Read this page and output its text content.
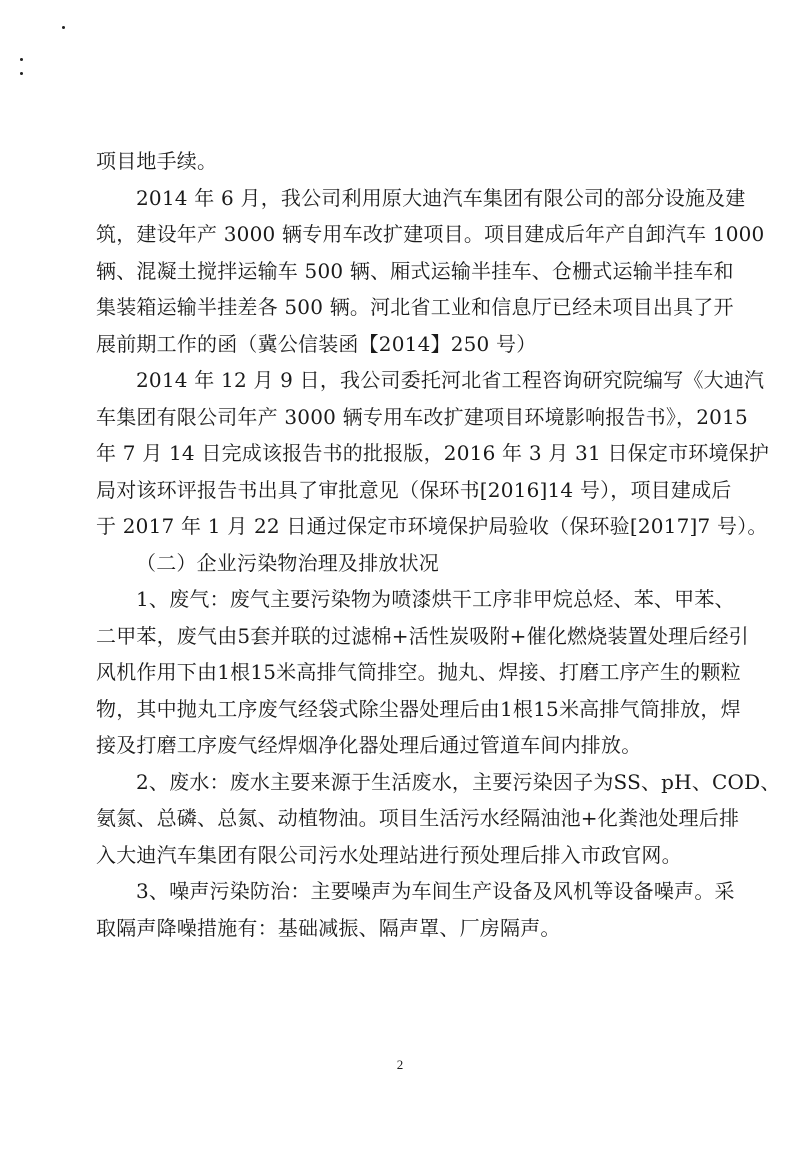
项目地手续。
2014 年 6 月，我公司利用原大迪汽车集团有限公司的部分设施及建
筑，建设年产 3000 辆专用车改扩建项目。项目建成后年产自卸汽车 1000
辆、混凝土搅拌运输车 500 辆、厢式运输半挂车、仓栅式运输半挂车和
集装箱运输半挂差各 500 辆。河北省工业和信息厅已经未项目出具了开
展前期工作的函（冀公信装函【2014】250 号）
2014 年 12 月 9 日，我公司委托河北省工程咨询研究院编写《大迪汽
车集团有限公司年产 3000 辆专用车改扩建项目环境影响报告书》，2015
年 7 月 14 日完成该报告书的批报版，2016 年 3 月 31 日保定市环境保护
局对该环评报告书出具了审批意见（保环书[2016]14 号），项目建成后
于 2017 年 1 月 22 日通过保定市环境保护局验收（保环验[2017]7 号）。
（二）企业污染物治理及排放状况
1、废气：废气主要污染物为喷漆烘干工序非甲烷总烃、苯、甲苯、
二甲苯，废气由5套并联的过滤棉+活性炭吸附+催化燃烧装置处理后经引
风机作用下由1根15米高排气筒排空。抛丸、焊接、打磨工序产生的颗粒
物，其中抛丸工序废气经袋式除尘器处理后由1根15米高排气筒排放，焊
接及打磨工序废气经焊烟净化器处理后通过管道车间内排放。
2、废水：废水主要来源于生活废水，主要污染因子为SS、pH、COD、
氨氮、总磷、总氮、动植物油。项目生活污水经隔油池+化粪池处理后排
入大迪汽车集团有限公司污水处理站进行预处理后排入市政官网。
3、噪声污染防治：主要噪声为车间生产设备及风机等设备噪声。采
取隔声降噪措施有：基础减振、隔声罩、厂房隔声。
2
